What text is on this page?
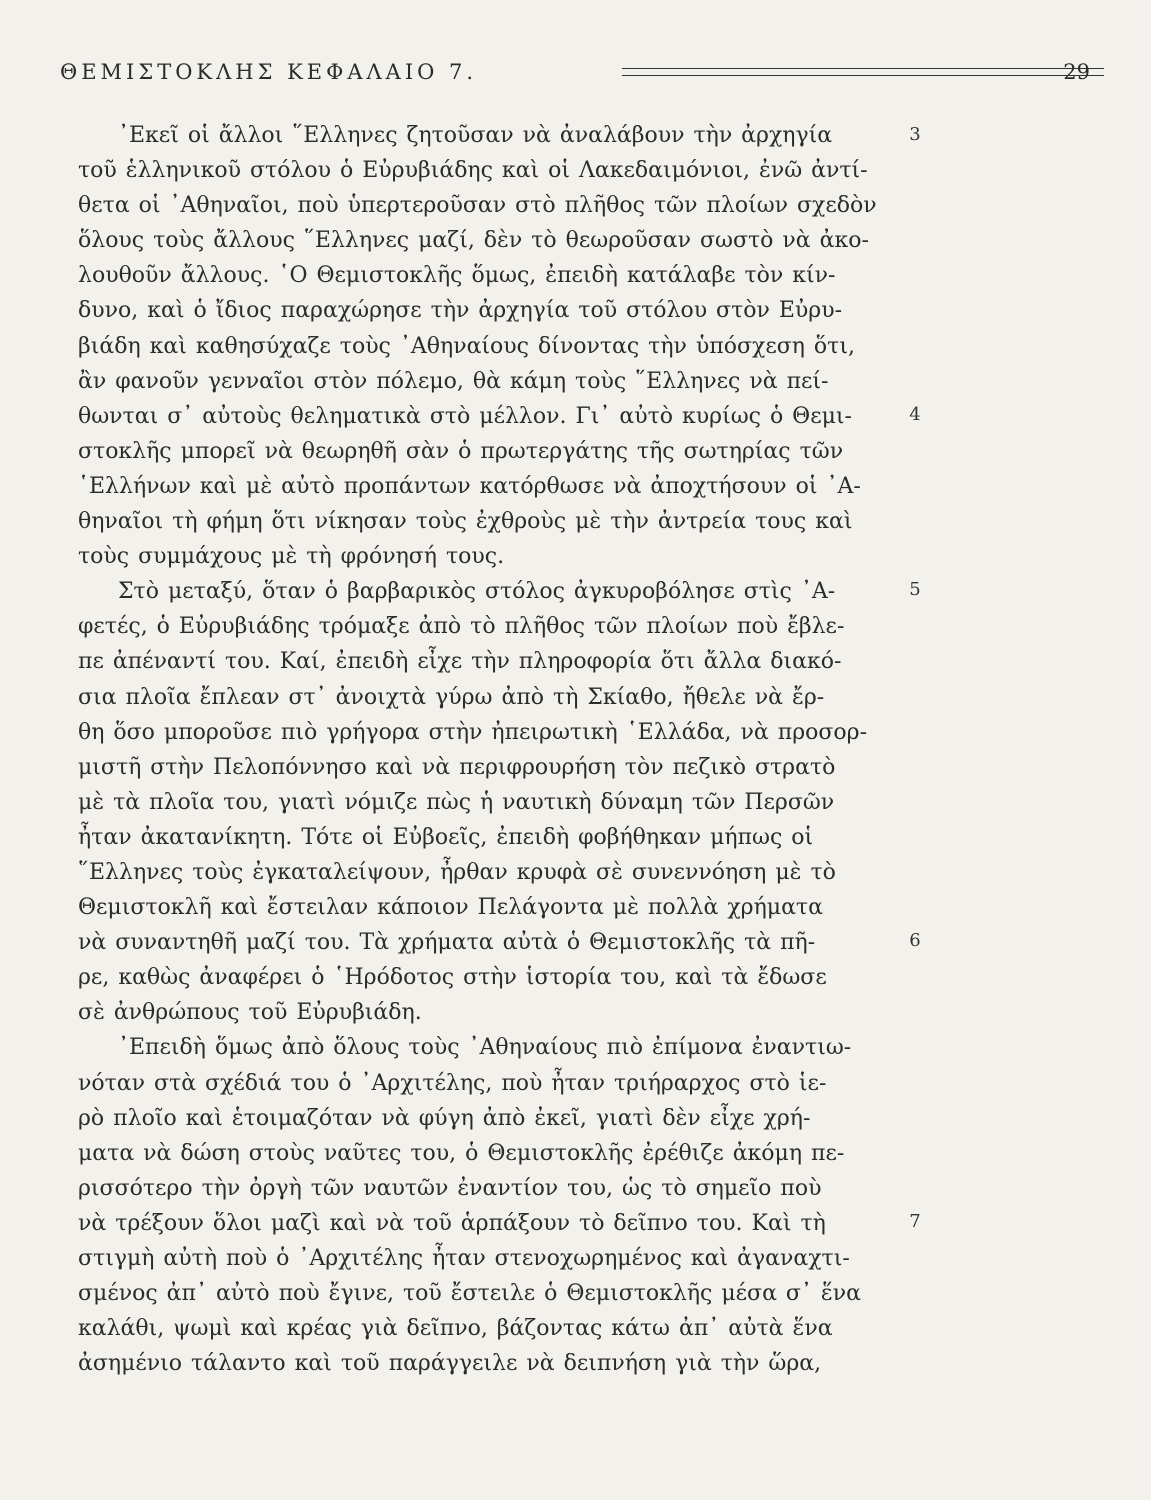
ΘΕΜΙΣΤΟΚΛΗΣ ΚΕΦΑΛΑΙΟ 7.	29
᾿Εκεῖ οἱ ἄλλοι ῞Ελληνες ζητοῦσαν νὰ ἀναλάβουν τὴν ἀρχηγία
τοῦ ἑλληνικοῦ στόλου ὁ Εὐρυβιάδης καὶ οἱ Λακεδαιμόνιοι, ἐνῶ ἀντί-
θετα οἱ ᾿Αθηναῖοι, ποὺ ὑπερτεροῦσαν στὸ πλῆθος τῶν πλοίων σχεδὸν
ὅλους τοὺς ἄλλους ῞Ελληνες μαζί, δὲν τὸ θεωροῦσαν σωστὸ νὰ ἀκο-
λουθοῦν ἄλλους. ῾Ο Θεμιστοκλῆς ὅμως, ἐπειδὴ κατάλαβε τὸν κίν-
δυνο, καὶ ὁ ἴδιος παραχώρησε τὴν ἀρχηγία τοῦ στόλου στὸν Εὐρυ-
βιάδη καὶ καθησύχαζε τοὺς ᾿Αθηναίους δίνοντας τὴν ὑπόσχεση ὅτι,
ἂν φανοῦν γενναῖοι στὸν πόλεμο, θὰ κάμη τοὺς ῞Ελληνες νὰ πεί-
θωνται σ᾿ αὐτοὺς θεληματικὰ στὸ μέλλον. Γι᾿ αὐτὸ κυρίως ὁ Θεμι-
στοκλῆς μπορεῖ νὰ θεωρηθῆ σὰν ὁ πρωτεργάτης τῆς σωτηρίας τῶν
῾Ελλήνων καὶ μὲ αὐτὸ προπάντων κατόρθωσε νὰ ἀποχτήσουν οἱ ᾿Α-
θηναῖοι τὴ φήμη ὅτι νίκησαν τοὺς ἐχθροὺς μὲ τὴν ἀντρεία τους καὶ
τοὺς συμμάχους μὲ τὴ φρόνησή τους.
Στὸ μεταξύ, ὅταν ὁ βαρβαρικὸς στόλος ἀγκυροβόλησε στὶς ᾿Α-
φετές, ὁ Εὐρυβιάδης τρόμαξε ἀπὸ τὸ πλῆθος τῶν πλοίων ποὺ ἔβλε-
πε ἀπέναντί του. Καί, ἐπειδὴ εἶχε τὴν πληροφορία ὅτι ἄλλα διακό-
σια πλοῖα ἔπλεαν στ᾿ ἀνοιχτὰ γύρω ἀπὸ τὴ Σκίαθο, ἤθελε νὰ ἔρ-
θη ὅσο μποροῦσε πιὸ γρήγορα στὴν ἠπειρωτικὴ ῾Ελλάδα, νὰ προσορ-
μιστῆ στὴν Πελοπόννησο καὶ νὰ περιφρουρήση τὸν πεζικὸ στρατὸ
μὲ τὰ πλοῖα του, γιατὶ νόμιζε πὼς ἡ ναυτικὴ δύναμη τῶν Περσῶν
ἦταν ἀκατανίκητη. Τότε οἱ Εὐβοεῖς, ἐπειδὴ φοβήθηκαν μήπως οἱ
῞Ελληνες τοὺς ἐγκαταλείψουν, ἦρθαν κρυφὰ σὲ συνεννόηση μὲ τὸ
Θεμιστοκλῆ καὶ ἔστειλαν κάποιον Πελάγοντα μὲ πολλὰ χρήματα
νὰ συναντηθῆ μαζί του. Τὰ χρήματα αὐτὰ ὁ Θεμιστοκλῆς τὰ πῆ-
ρε, καθὼς ἀναφέρει ὁ ῾Ηρόδοτος στὴν ἱστορία του, καὶ τὰ ἔδωσε
σὲ ἀνθρώπους τοῦ Εὐρυβιάδη.
᾿Επειδὴ ὅμως ἀπὸ ὅλους τοὺς ᾿Αθηναίους πιὸ ἐπίμονα ἐναντιω-
νόταν στὰ σχέδιά του ὁ ᾿Αρχιτέλης, ποὺ ἦταν τριήραρχος στὸ ἱε-
ρὸ πλοῖο καὶ ἑτοιμαζόταν νὰ φύγη ἀπὸ ἐκεῖ, γιατὶ δὲν εἶχε χρή-
ματα νὰ δώση στοὺς ναῦτες του, ὁ Θεμιστοκλῆς ἐρέθιζε ἀκόμη πε-
ρισσότερο τὴν ὀργὴ τῶν ναυτῶν ἐναντίον του, ὡς τὸ σημεῖο ποὺ
νὰ τρέξουν ὅλοι μαζὶ καὶ νὰ τοῦ ἁρπάξουν τὸ δεῖπνο του. Καὶ τὴ
στιγμὴ αὐτὴ ποὺ ὁ ᾿Αρχιτέλης ἦταν στενοχωρημένος καὶ ἀγαναχτι-
σμένος ἀπ᾿ αὐτὸ ποὺ ἔγινε, τοῦ ἔστειλε ὁ Θεμιστοκλῆς μέσα σ᾿ ἕνα
καλάθι, ψωμὶ καὶ κρέας γιὰ δεῖπνο, βάζοντας κάτω ἀπ᾿ αὐτὰ ἕνα
ἀσημένιο τάλαντο καὶ τοῦ παράγγειλε νὰ δειπνήση γιὰ τὴν ὥρα,
3
4
5
6
7
